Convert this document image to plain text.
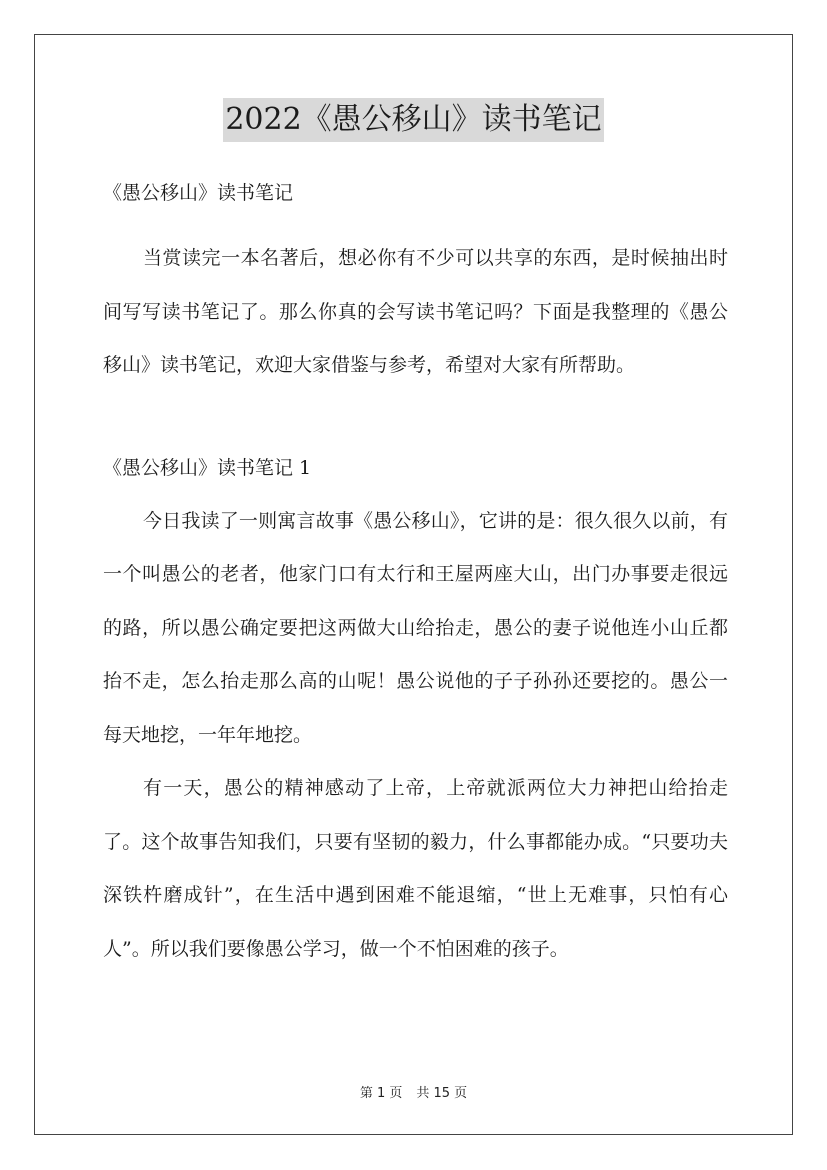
2022《愚公移山》读书笔记

《愚公移山》读书笔记

当赏读完一本名著后，想必你有不少可以共享的东西，是时候抽出时间写写读书笔记了。那么你真的会写读书笔记吗？下面是我整理的《愚公移山》读书笔记，欢迎大家借鉴与参考，希望对大家有所帮助。

《愚公移山》读书笔记 1

今日我读了一则寓言故事《愚公移山》，它讲的是：很久很久以前，有一个叫愚公的老者，他家门口有太行和王屋两座大山，出门办事要走很远的路，所以愚公确定要把这两做大山给抬走，愚公的妻子说他连小山丘都抬不走，怎么抬走那么高的山呢！愚公说他的子子孙孙还要挖的。愚公一每天地挖，一年年地挖。

有一天，愚公的精神感动了上帝，上帝就派两位大力神把山给抬走了。这个故事告知我们，只要有坚韧的毅力，什么事都能办成。“只要功夫深铁杵磨成针”，在生活中遇到困难不能退缩，“世上无难事，只怕有心人”。所以我们要像愚公学习，做一个不怕困难的孩子。

第 1 页 共 15 页
